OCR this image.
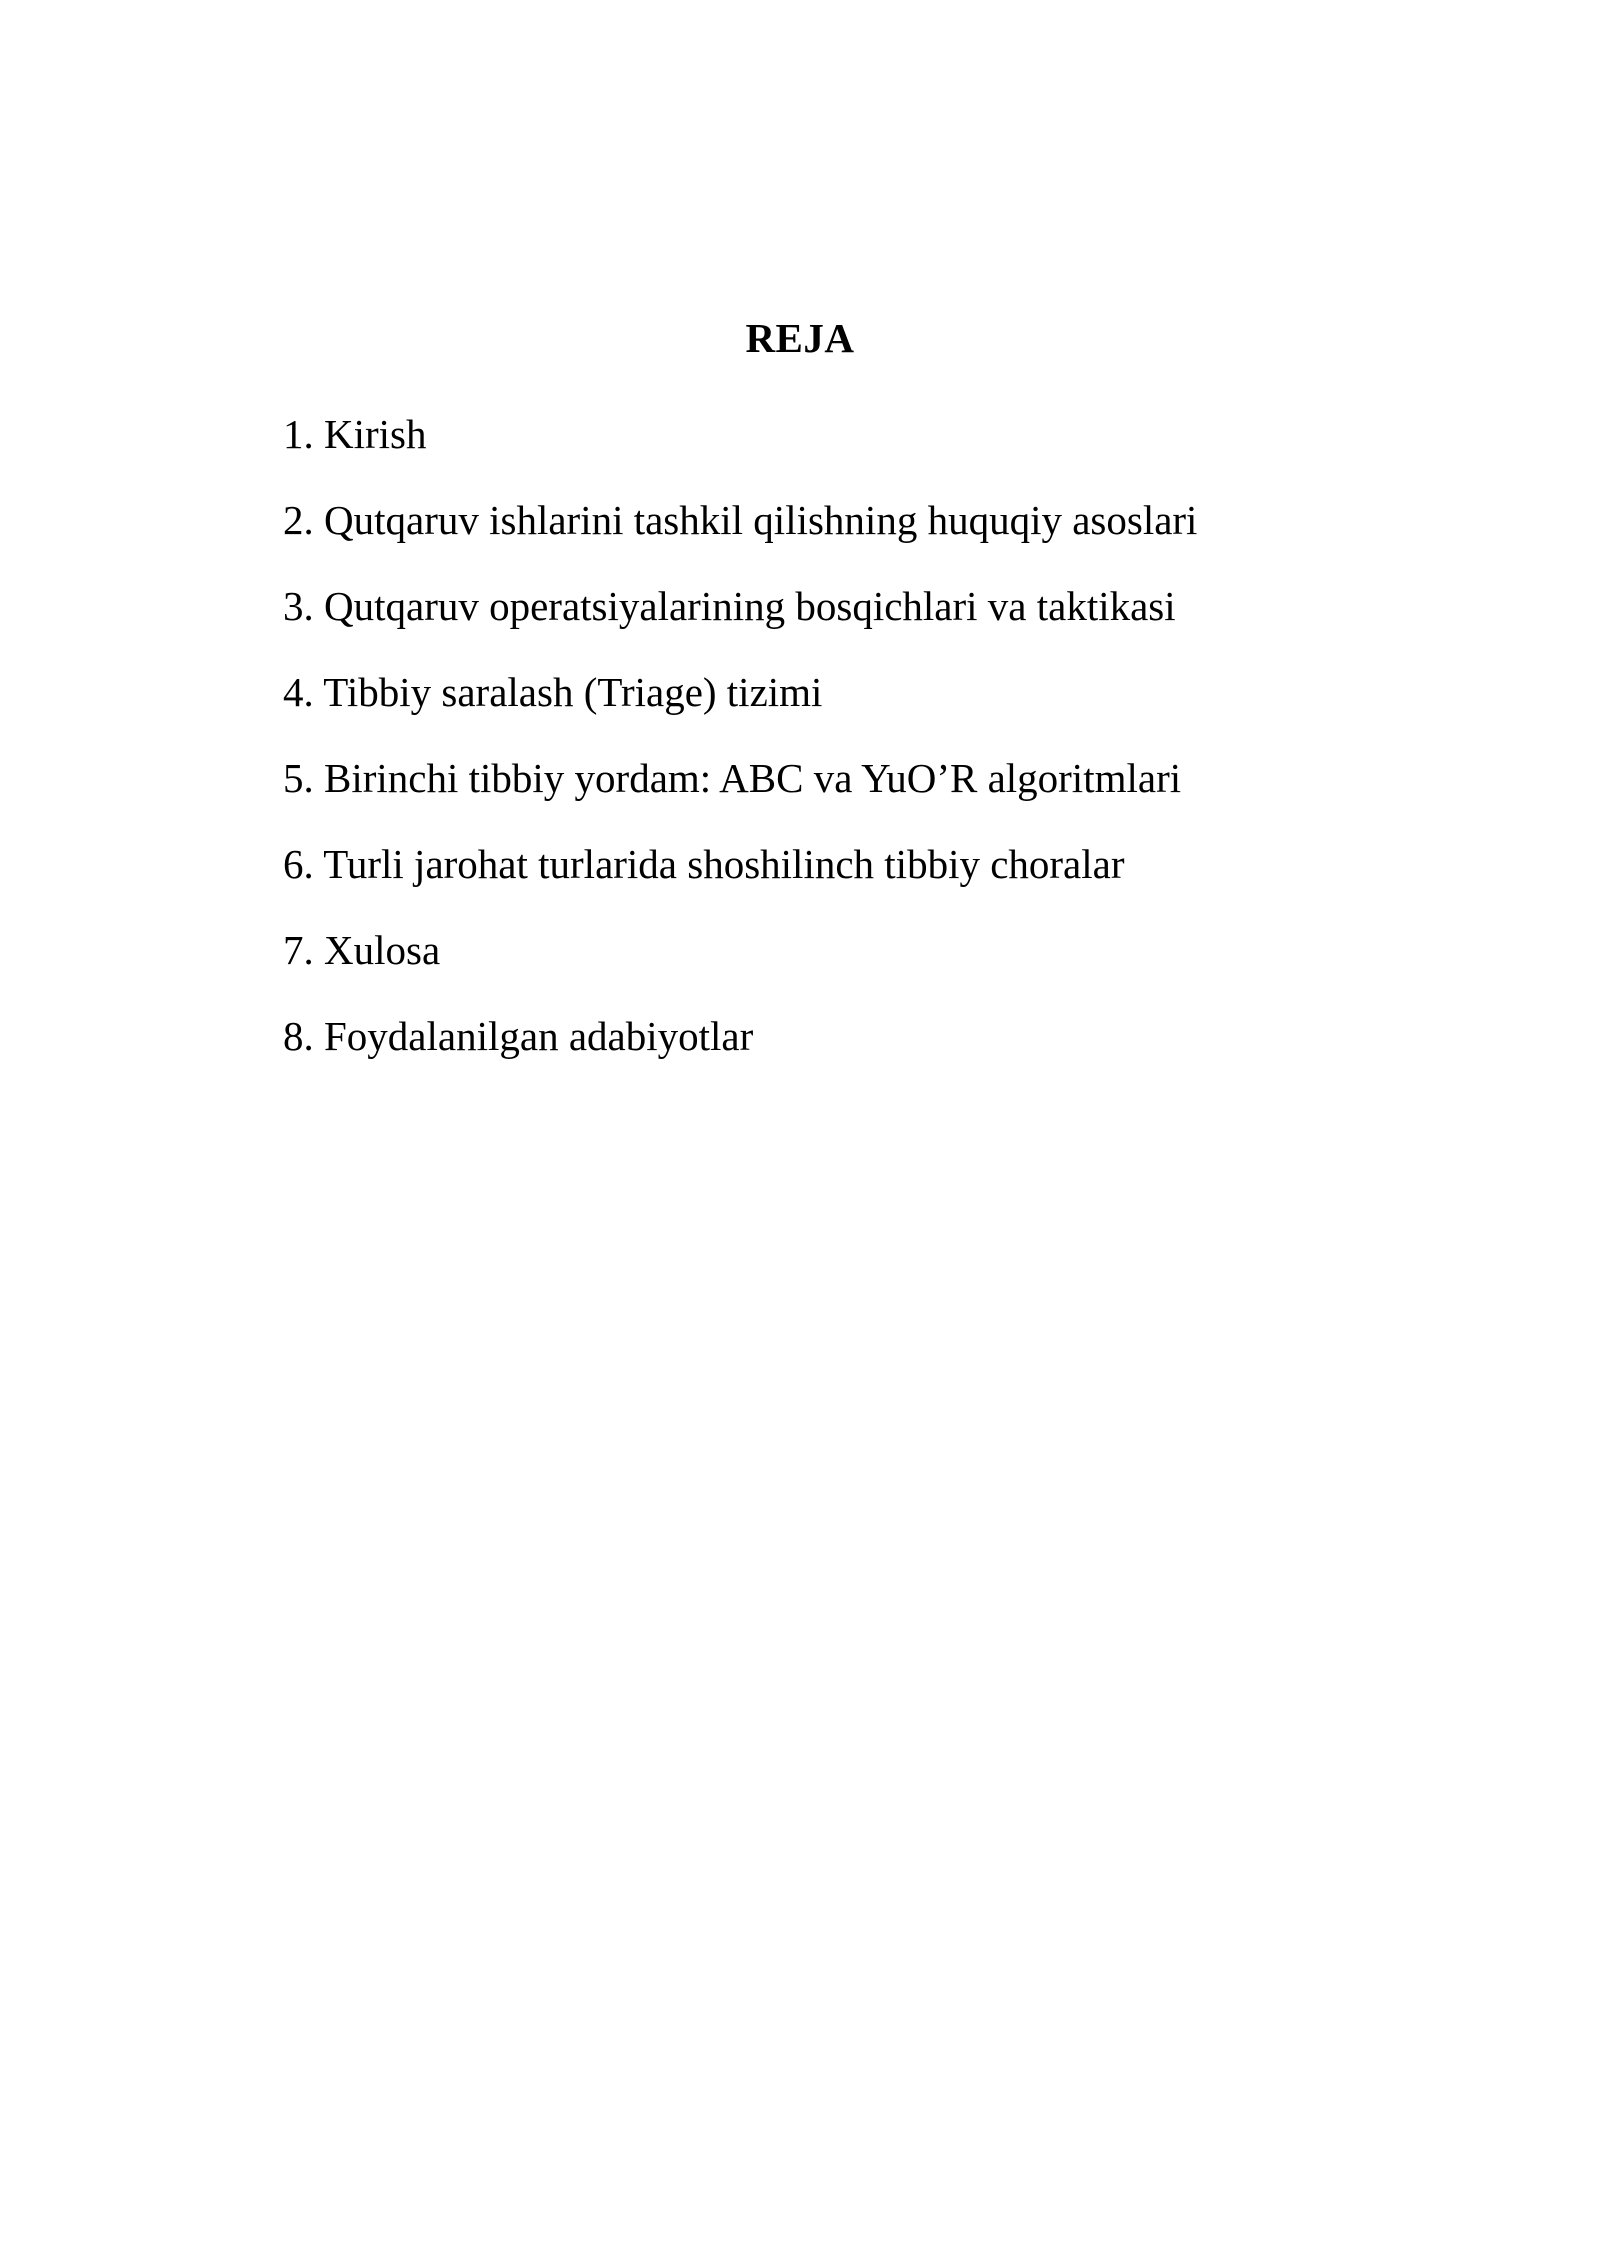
REJA
1. Kirish
2. Qutqaruv ishlarini tashkil qilishning huquqiy asoslari
3. Qutqaruv operatsiyalarining bosqichlari va taktikasi
4. Tibbiy saralash (Triage) tizimi
5. Birinchi tibbiy yordam: ABC va YuO’R algoritmlari
6. Turli jarohat turlarida shoshilinch tibbiy choralar
7. Xulosa
8. Foydalanilgan adabiyotlar
